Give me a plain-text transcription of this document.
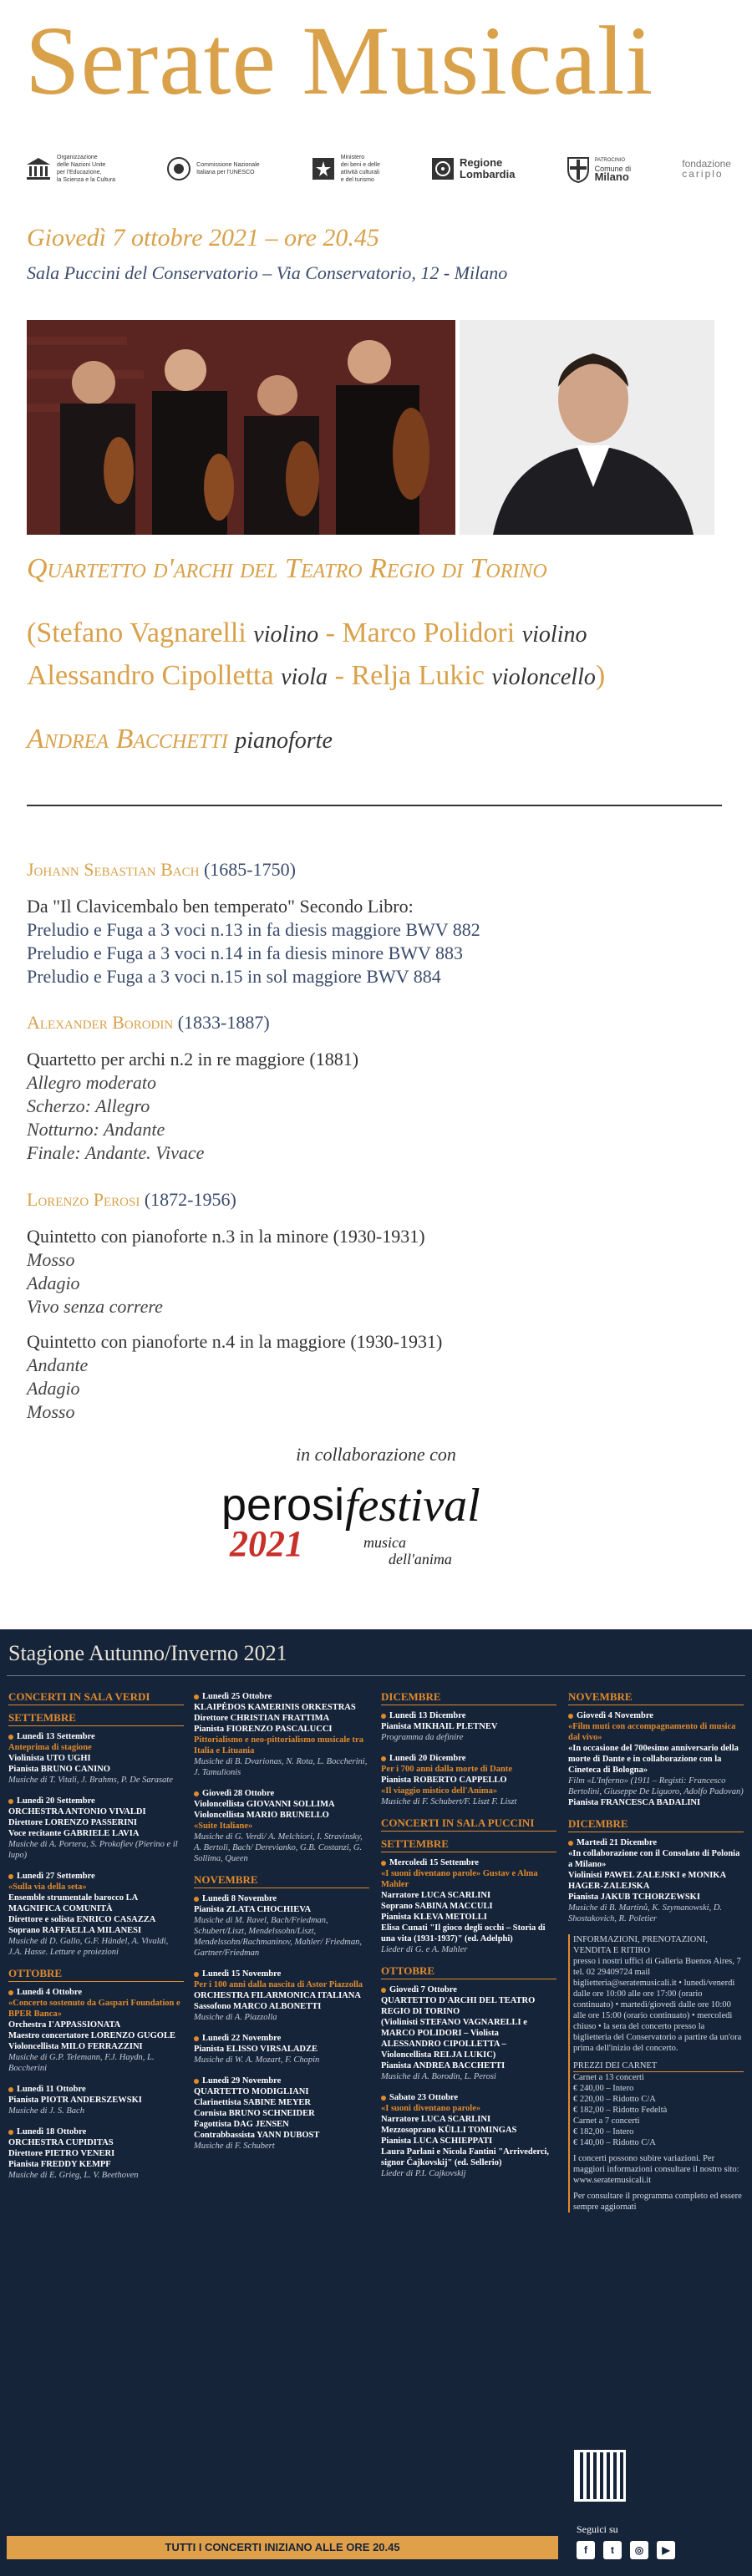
Serate Musicali
Organizzazione
delle Nazioni Unite
per l'Educazione,
la Scienza e la Cultura
Commissione Nazionale
Italiana per l'UNESCO
Ministero
dei beni e delle
attività culturali
e del turismo
Regione
Lombardia
PATROCINIO
Comune di
Milano
fondazione
cariplo
Giovedì 7 ottobre 2021 – ore 20.45
Sala Puccini del Conservatorio – Via Conservatorio, 12 - Milano
Quartetto d'archi del Teatro Regio di Torino
(Stefano Vagnarelli violino - Marco Polidori violino
Alessandro Cipolletta viola - Relja Lukic violoncello)
Andrea Bacchetti pianoforte
Johann Sebastian Bach (1685-1750)
Da "Il Clavicembalo ben temperato" Secondo Libro:
Preludio e Fuga a 3 voci n.13 in fa diesis maggiore BWV 882
Preludio e Fuga a 3 voci n.14 in fa diesis minore BWV 883
Preludio e Fuga a 3 voci n.15 in sol maggiore BWV 884
Alexander Borodin (1833-1887)
Quartetto per archi n.2 in re maggiore (1881)
Allegro moderato
Scherzo: Allegro
Notturno: Andante
Finale: Andante. Vivace
Lorenzo Perosi (1872-1956)
Quintetto con pianoforte n.3 in la minore (1930-1931)
Mosso
Adagio
Vivo senza correre
Quintetto con pianoforte n.4 in la maggiore (1930-1931)
Andante
Adagio
Mosso
in collaborazione con
perosi festival
2021	musica
dell'anima
Stagione Autunno/Inverno 2021
CONCERTI IN SALA VERDI
SETTEMBRE
Lunedì 13 Settembre
Anteprima di stagione
Violinista UTO UGHI
Pianista BRUNO CANINO
Musiche di T. Vitali, J. Brahms, P. De Sarasate
Lunedì 20 Settembre
ORCHESTRA ANTONIO VIVALDI
Direttore LORENZO PASSERINI
Voce recitante GABRIELE LAVIA
Musiche di A. Portera, S. Prokofiev (Pierino e il lupo)
Lunedì 27 Settembre
«Sulla via della seta»
Ensemble strumentale barocco LA MAGNIFICA COMUNITÀ
Direttore e solista ENRICO CASAZZA
Soprano RAFFAELLA MILANESI
Musiche di D. Gallo, G.F. Händel, A. Vivaldi, J.A. Hasse. Letture e proiezioni
OTTOBRE
Lunedì 4 Ottobre
«Concerto sostenuto da Gaspari Foundation e BPER Banca»
Orchestra I'APPASSIONATA
Maestro concertatore LORENZO GUGOLE
Violoncellista MILO FERRAZZINI
Musiche di G.P. Telemann, F.J. Haydn, L. Boccherini
Lunedì 11 Ottobre
Pianista PIOTR ANDERSZEWSKI
Musiche di J. S. Bach
Lunedì 18 Ottobre
ORCHESTRA CUPIDITAS
Direttore PIETRO VENERI
Pianista FREDDY KEMPF
Musiche di E. Grieg, L. V. Beethoven
Lunedì 25 Ottobre
KLAIPĖDOS KAMERINIS ORKESTRAS
Direttore CHRISTIAN FRATTIMA
Pianista FIORENZO PASCALUCCI
Pittorialismo e neo-pittorialismo musicale tra Italia e Lituania
Musiche di B. Dvarionas, N. Rota, L. Boccherini, J. Tamulionis
Giovedì 28 Ottobre
Violoncellista GIOVANNI SOLLIMA
Violoncellista MARIO BRUNELLO
«Suite Italiane»
Musiche di G. Verdi/ A. Melchiori, I. Stravinsky, A. Bertoli, Bach/ Derevianko, G.B. Costanzi, G. Sollima, Queen
NOVEMBRE
Lunedì 8 Novembre
Pianista ZLATA CHOCHIEVA
Musiche di M. Ravel, Bach/Friedman, Schubert/Liszt, Mendelssohn/Liszt, Mendelssohn/Rachmaninov, Mahler/ Friedman, Gartner/Friedman
Lunedì 15 Novembre
Per i 100 anni dalla nascita di Astor Piazzolla
ORCHESTRA FILARMONICA ITALIANA
Sassofono MARCO ALBONETTI
Musiche di A. Piazzolla
Lunedì 22 Novembre
Pianista ELISSO VIRSALADZE
Musiche di W. A. Mozart, F. Chopin
Lunedì 29 Novembre
QUARTETTO MODIGLIANI
Clarinettista SABINE MEYER
Cornista BRUNO SCHNEIDER
Fagottista DAG JENSEN
Contrabbassista YANN DUBOST
Musiche di F. Schubert
DICEMBRE
Lunedì 13 Dicembre
Pianista MIKHAIL PLETNEV
Programma da definire
Lunedì 20 Dicembre
Per i 700 anni dalla morte di Dante
Pianista ROBERTO CAPPELLO
«Il viaggio mistico dell'Anima»
Musiche di F. Schubert/F. Liszt F. Liszt
CONCERTI IN SALA PUCCINI
SETTEMBRE
Mercoledì 15 Settembre
«I suoni diventano parole» Gustav e Alma Mahler
Narratore LUCA SCARLINI
Soprano SABINA MACCULI
Pianista KLEVA METOLLI
Elisa Cunati "Il gioco degli occhi – Storia di una vita (1931-1937)" (ed. Adelphi)
Lieder di G. e A. Mahler
OTTOBRE
Giovedì 7 Ottobre
QUARTETTO D'ARCHI DEL TEATRO REGIO DI TORINO
(Violinisti STEFANO VAGNARELLI e MARCO POLIDORI – Violista ALESSANDRO CIPOLLETTA – Violoncellista RELJA LUKIC)
Pianista ANDREA BACCHETTI
Musiche di A. Borodin, L. Perosi
Sabato 23 Ottobre
«I suoni diventano parole»
Narratore LUCA SCARLINI
Mezzosoprano KÜLLI TOMINGAS
Pianista LUCA SCHIEPPATI
Laura Parlani e Nicola Fantini "Arrivederci, signor Čajkovskij" (ed. Sellerio)
Lieder di P.I. Cajkovskij
NOVEMBRE
Giovedì 4 Novembre
«Film muti con accompagnamento di musica dal vivo»
«In occasione del 700esimo anniversario della morte di Dante e in collaborazione con la Cineteca di Bologna»
Film «L'Inferno» (1911 – Registi: Francesco Bertolini, Giuseppe De Liguoro, Adolfo Padovan)
Pianista FRANCESCA BADALINI
DICEMBRE
Martedì 21 Dicembre
«In collaborazione con il Consolato di Polonia a Milano»
Violinisti PAWEL ZALEJSKI e MONIKA HAGER-ZALEJSKA
Pianista JAKUB TCHORZEWSKI
Musiche di B. Martinů, K. Szymanowski, D. Shostakovich, R. Poletier
INFORMAZIONI, PRENOTAZIONI, VENDITA E RITIRO
presso i nostri uffici di Galleria Buenos Aires, 7 tel. 02 29409724 mail biglietteria@seratemusicali.it • lunedì/venerdì dalle ore 10:00 alle ore 17:00 (orario continuato) • martedì/giovedì dalle ore 10:00 alle ore 15:00 (orario continuato) • mercoledì chiuso • la sera del concerto presso la biglietteria del Conservatorio a partire da un'ora prima dell'inizio del concerto.
PREZZI DEI CARNET
Carnet a 13 concerti
€ 240,00 – Intero
€ 220,00 – Ridotto C/A
€ 182,00 – Ridotto Fedeltà
Carnet a 7 concerti
€ 182,00 – Intero
€ 140,00 – Ridotto C/A
I concerti possono subire variazioni. Per maggiori informazioni consultare il nostro sito: www.seratemusicali.it
Per consultare il programma completo ed essere sempre aggiornati
Seguici su
f	t	◎	▶
TUTTI I CONCERTI INIZIANO ALLE ORE 20.45
